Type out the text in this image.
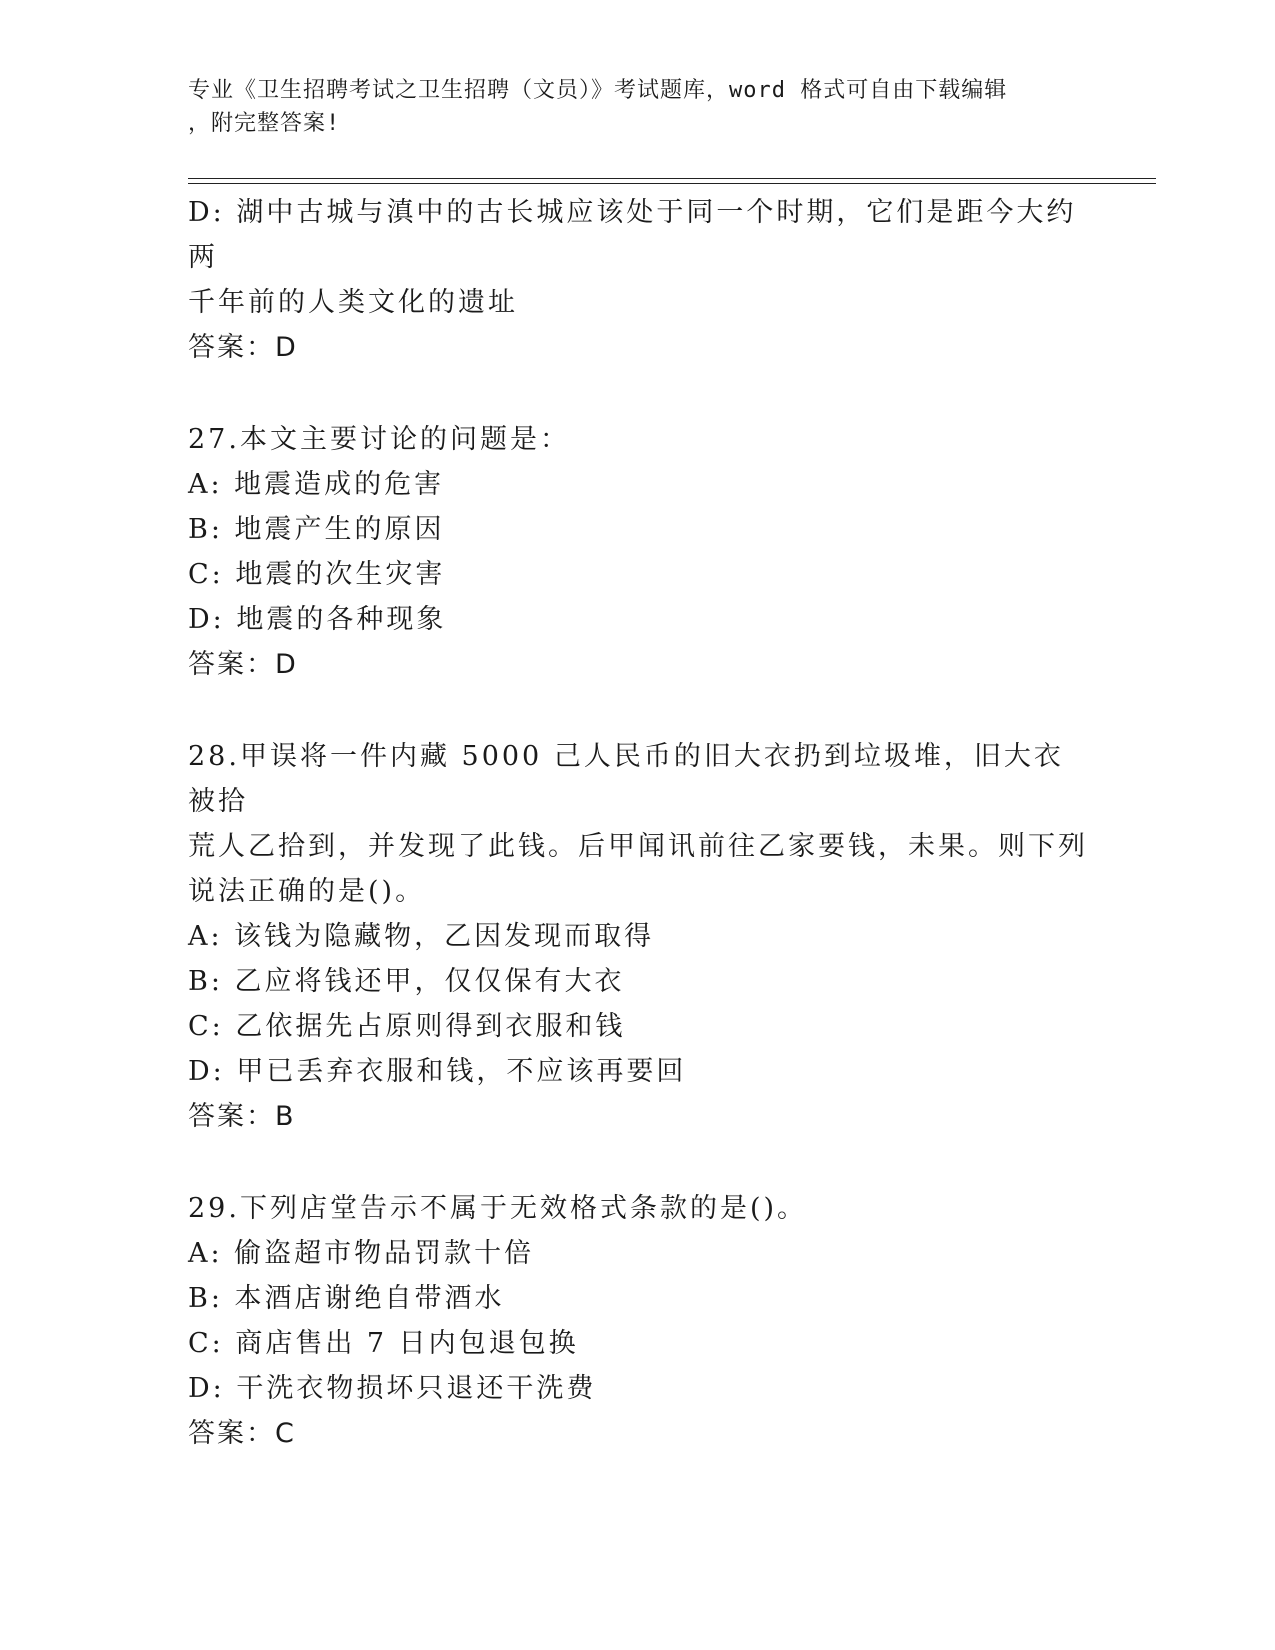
专业《卫生招聘考试之卫生招聘（文员）》考试题库，word 格式可自由下载编辑
，附完整答案!
D: 湖中古城与滇中的古长城应该处于同一个时期，它们是距今大约两
千年前的人类文化的遗址
答案：D
27.本文主要讨论的问题是：
A: 地震造成的危害
B: 地震产生的原因
C: 地震的次生灾害
D: 地震的各种现象
答案：D
28.甲误将一件内藏 5000 己人民币的旧大衣扔到垃圾堆，旧大衣被拾
荒人乙拾到，并发现了此钱。后甲闻讯前往乙家要钱，未果。则下列
说法正确的是()。
A: 该钱为隐藏物，乙因发现而取得
B: 乙应将钱还甲，仅仅保有大衣
C: 乙依据先占原则得到衣服和钱
D: 甲已丢弃衣服和钱，不应该再要回
答案：B
29.下列店堂告示不属于无效格式条款的是()。
A: 偷盗超市物品罚款十倍
B: 本酒店谢绝自带酒水
C: 商店售出 7 日内包退包换
D: 干洗衣物损坏只退还干洗费
答案：C
